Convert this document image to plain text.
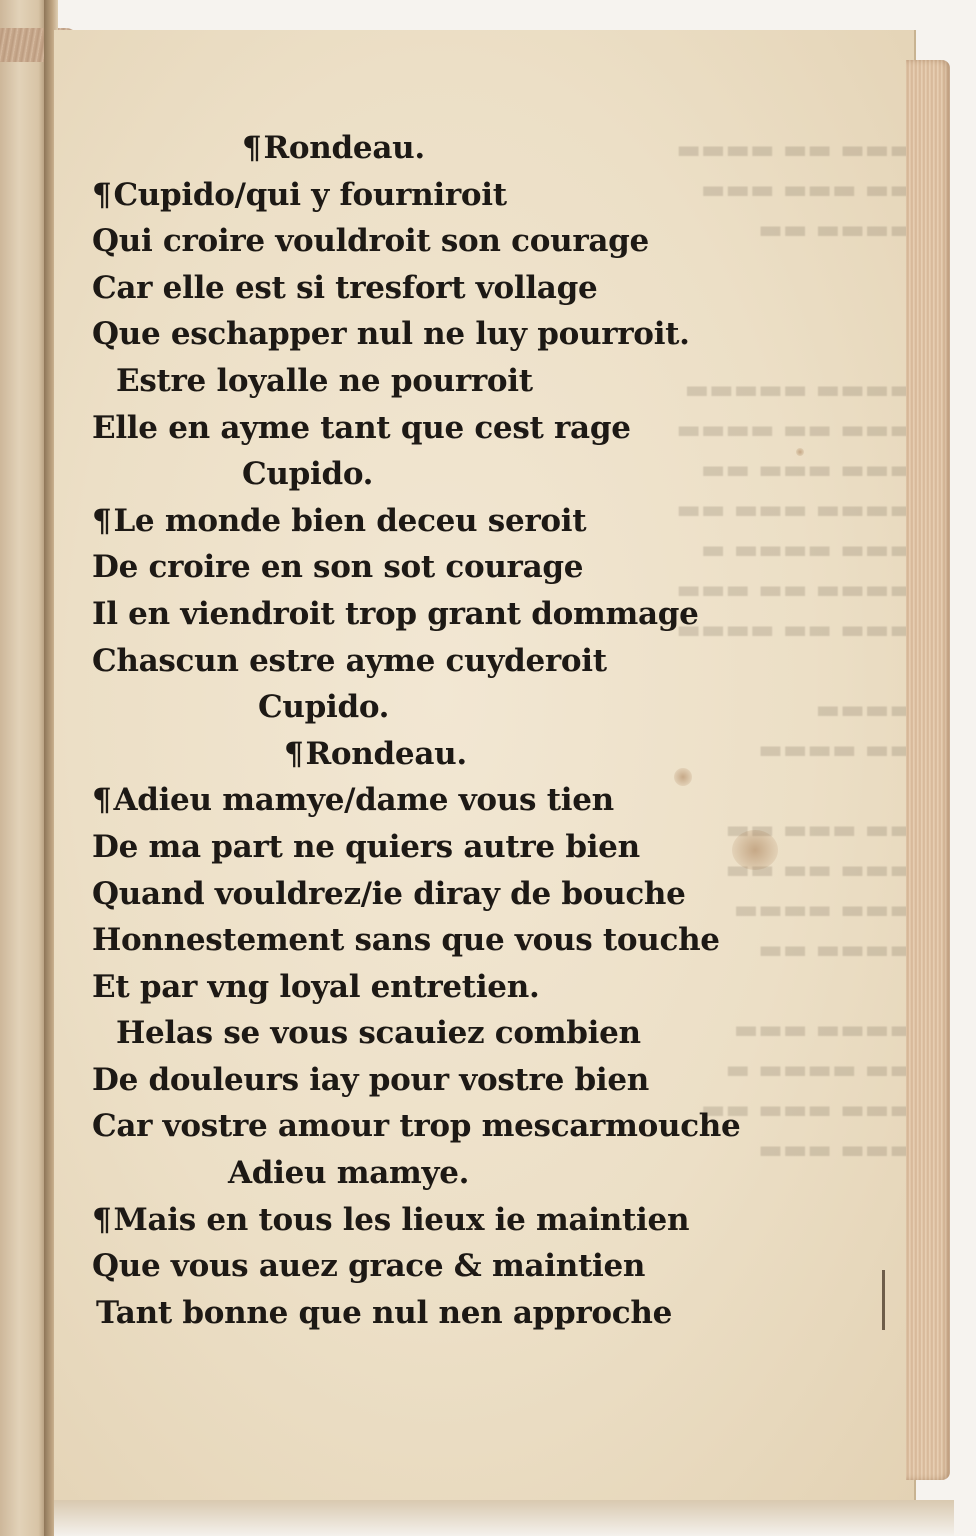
▬▬▬ ▬▬ ▬▬▬▬
▬▬ ▬▬▬ ▬▬▬
▬▬▬▬ ▬▬

▬▬▬▬ ▬▬▬▬▬
▬▬▬ ▬▬ ▬▬▬▬
▬▬▬ ▬▬▬ ▬▬
▬▬▬▬ ▬▬▬ ▬▬
▬▬▬ ▬▬▬▬ ▬
▬▬▬▬ ▬▬ ▬▬▬
▬▬▬ ▬▬ ▬▬▬▬

▬▬▬▬
▬▬ ▬▬▬▬

▬▬ ▬▬▬ ▬▬
▬▬▬ ▬▬ ▬▬
▬▬▬ ▬▬▬▬
▬▬▬▬ ▬▬

▬▬▬▬ ▬▬▬
▬▬ ▬▬▬▬ ▬
▬▬▬ ▬▬▬ ▬▬
▬▬▬ ▬▬▬
¶Rondeau.
¶Cupido/qui y fourniroit
Qui croire vouldroit son courage
Car elle est si tresfort vollage
Que eschapper nul ne luy pourroit.
Estre loyalle ne pourroit
Elle en ayme tant que cest rage
Cupido.
¶Le monde bien deceu seroit
De croire en son sot courage
Il en viendroit trop grant dommage
Chascun estre ayme cuyderoit
Cupido.
¶Rondeau.
¶Adieu mamye/dame vous tien
De ma part ne quiers autre bien
Quand vouldrez/ie diray de bouche
Honnestement sans que vous touche
Et par vng loyal entretien.
Helas se vous scauiez combien
De douleurs iay pour vostre bien
Car vostre amour trop mescarmouche
Adieu mamye.
¶Mais en tous les lieux ie maintien
Que vous auez grace & maintien
Tant bonne que nul nen approche
